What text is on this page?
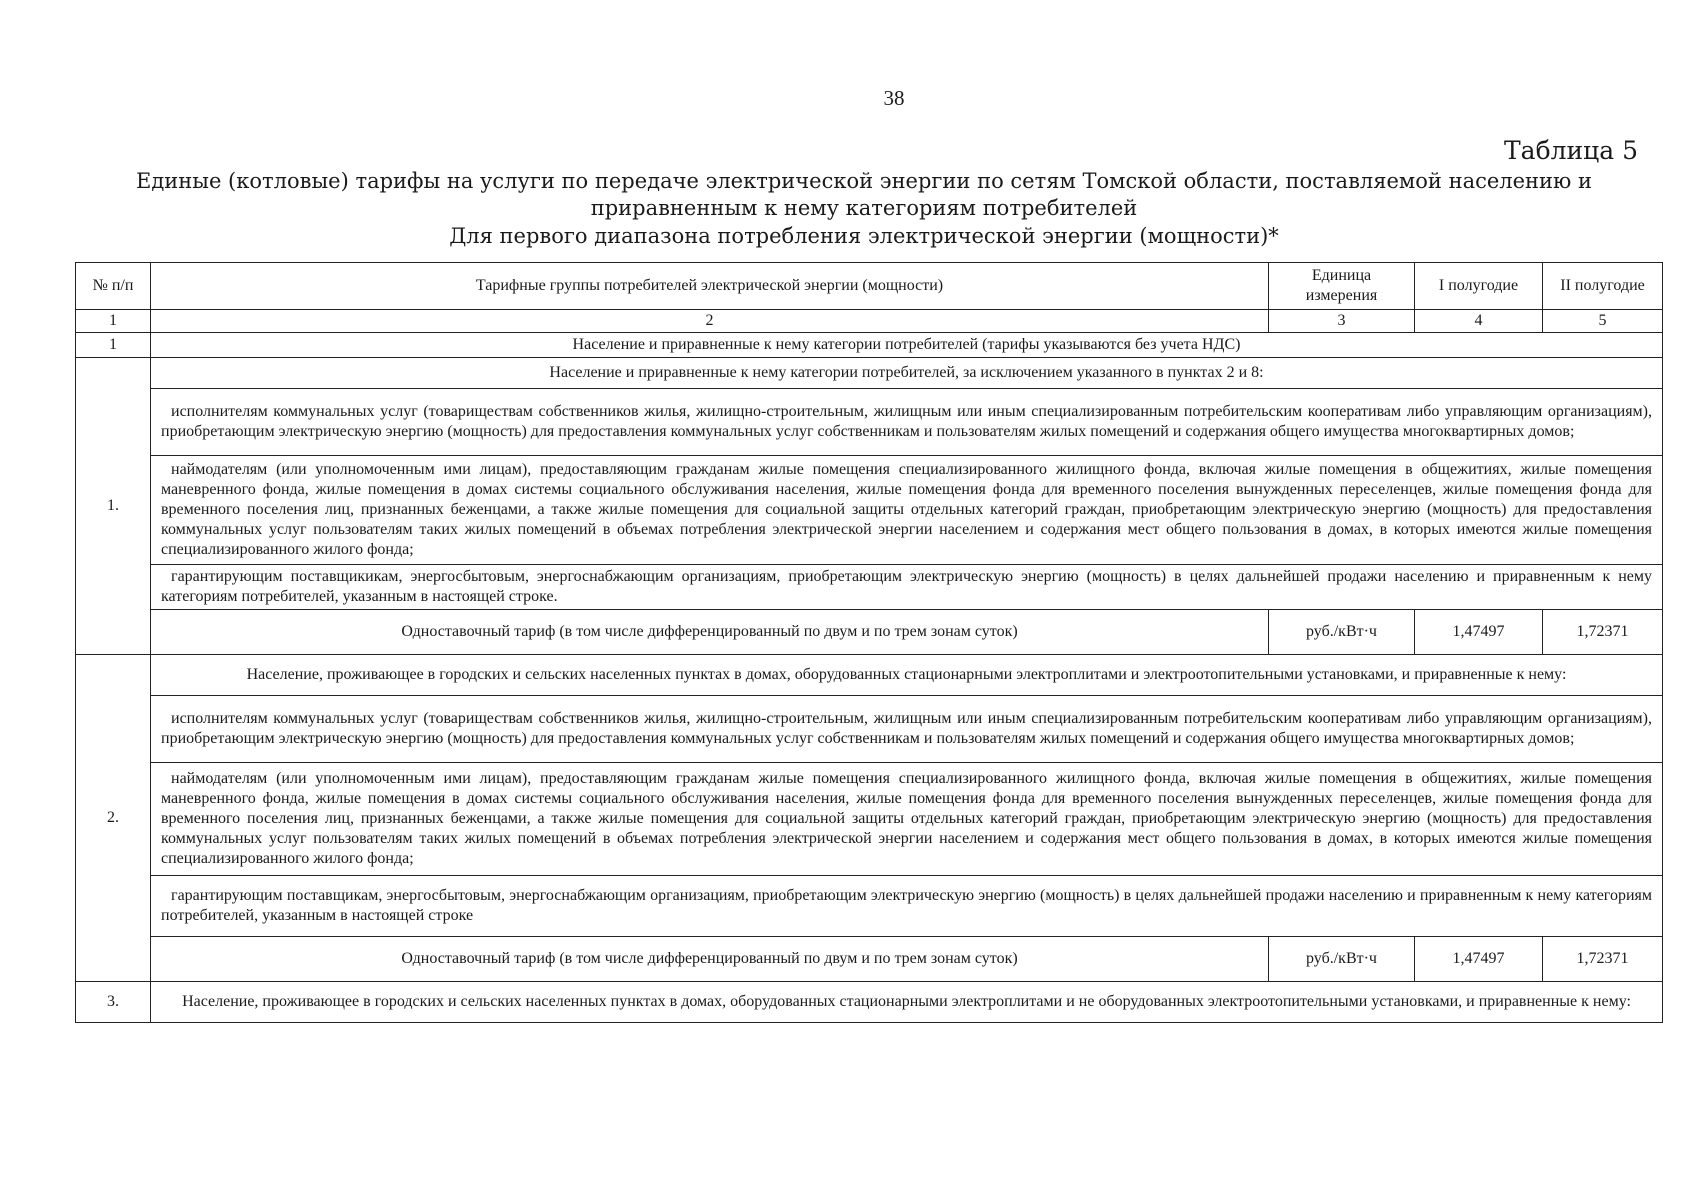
38
Таблица 5
Единые (котловые) тарифы на услуги по передаче электрической энергии по сетям Томской области, поставляемой населению и приравненным к нему категориям потребителей
Для первого диапазона потребления электрической энергии (мощности)*
№ п/п	Тарифные группы потребителей электрической энергии (мощности)	Единица измерения	I полугодие	II полугодие
1	2	3	4	5
1	Население и приравненные к нему категории потребителей (тарифы указываются без учета НДС)			
1.	Население и приравненные к нему категории потребителей, за исключением указанного в пунктах 2 и 8:			
	исполнителям коммунальных услуг (товариществам собственников жилья, жилищно-строительным, жилищным или иным специализированным потребительским кооперативам либо управляющим организациям), приобретающим электрическую энергию (мощность) для предоставления коммунальных услуг собственникам и пользователям жилых помещений и содержания общего имущества многоквартирных домов;			
	наймодателям (или уполномоченным ими лицам), предоставляющим гражданам жилые помещения специализированного жилищного фонда, включая жилые помещения в общежитиях, жилые помещения маневренного фонда, жилые помещения в домах системы социального обслуживания населения, жилые помещения фонда для временного поселения вынужденных переселенцев, жилые помещения фонда для временного поселения лиц, признанных беженцами, а также жилые помещения для социальной защиты отдельных категорий граждан, приобретающим электрическую энергию (мощность) для предоставления коммунальных услуг пользователям таких жилых помещений в объемах потребления электрической энергии населением и содержания мест общего пользования в домах, в которых имеются жилые помещения специализированного жилого фонда;			
	гарантирующим поставщикикам, энергосбытовым, энергоснабжающим организациям, приобретающим электрическую энергию (мощность) в целях дальнейшей продажи населению и приравненным к нему категориям потребителей, указанным в настоящей строке.			
	Одноставочный тариф (в том числе дифференцированный по двум и по трем зонам суток)	руб./кВт·ч	1,47497	1,72371
2.	Население, проживающее в городских и сельских населенных пунктах в домах, оборудованных стационарными электроплитами и электроотопительными установками, и приравненные к нему:			
	исполнителям коммунальных услуг (товариществам собственников жилья, жилищно-строительным, жилищным или иным специализированным потребительским кооперативам либо управляющим организациям), приобретающим электрическую энергию (мощность) для предоставления коммунальных услуг собственникам и пользователям жилых помещений и содержания общего имущества многоквартирных домов;			
	наймодателям (или уполномоченным ими лицам), предоставляющим гражданам жилые помещения специализированного жилищного фонда, включая жилые помещения в общежитиях, жилые помещения маневренного фонда, жилые помещения в домах системы социального обслуживания населения, жилые помещения фонда для временного поселения вынужденных переселенцев, жилые помещения фонда для временного поселения лиц, признанных беженцами, а также жилые помещения для социальной защиты отдельных категорий граждан, приобретающим электрическую энергию (мощность) для предоставления коммунальных услуг пользователям таких жилых помещений в объемах потребления электрической энергии населением и содержания мест общего пользования в домах, в которых имеются жилые помещения специализированного жилого фонда;			
	гарантирующим поставщикам, энергосбытовым, энергоснабжающим организациям, приобретающим электрическую энергию (мощность) в целях дальнейшей продажи населению и приравненным к нему категориям потребителей, указанным в настоящей строке			
	Одноставочный тариф (в том числе дифференцированный по двум и по трем зонам суток)	руб./кВт·ч	1,47497	1,72371
3.	Население, проживающее в городских и сельских населенных пунктах в домах, оборудованных стационарными электроплитами и не оборудованных электроотопительными установками, и приравненные к нему:			
